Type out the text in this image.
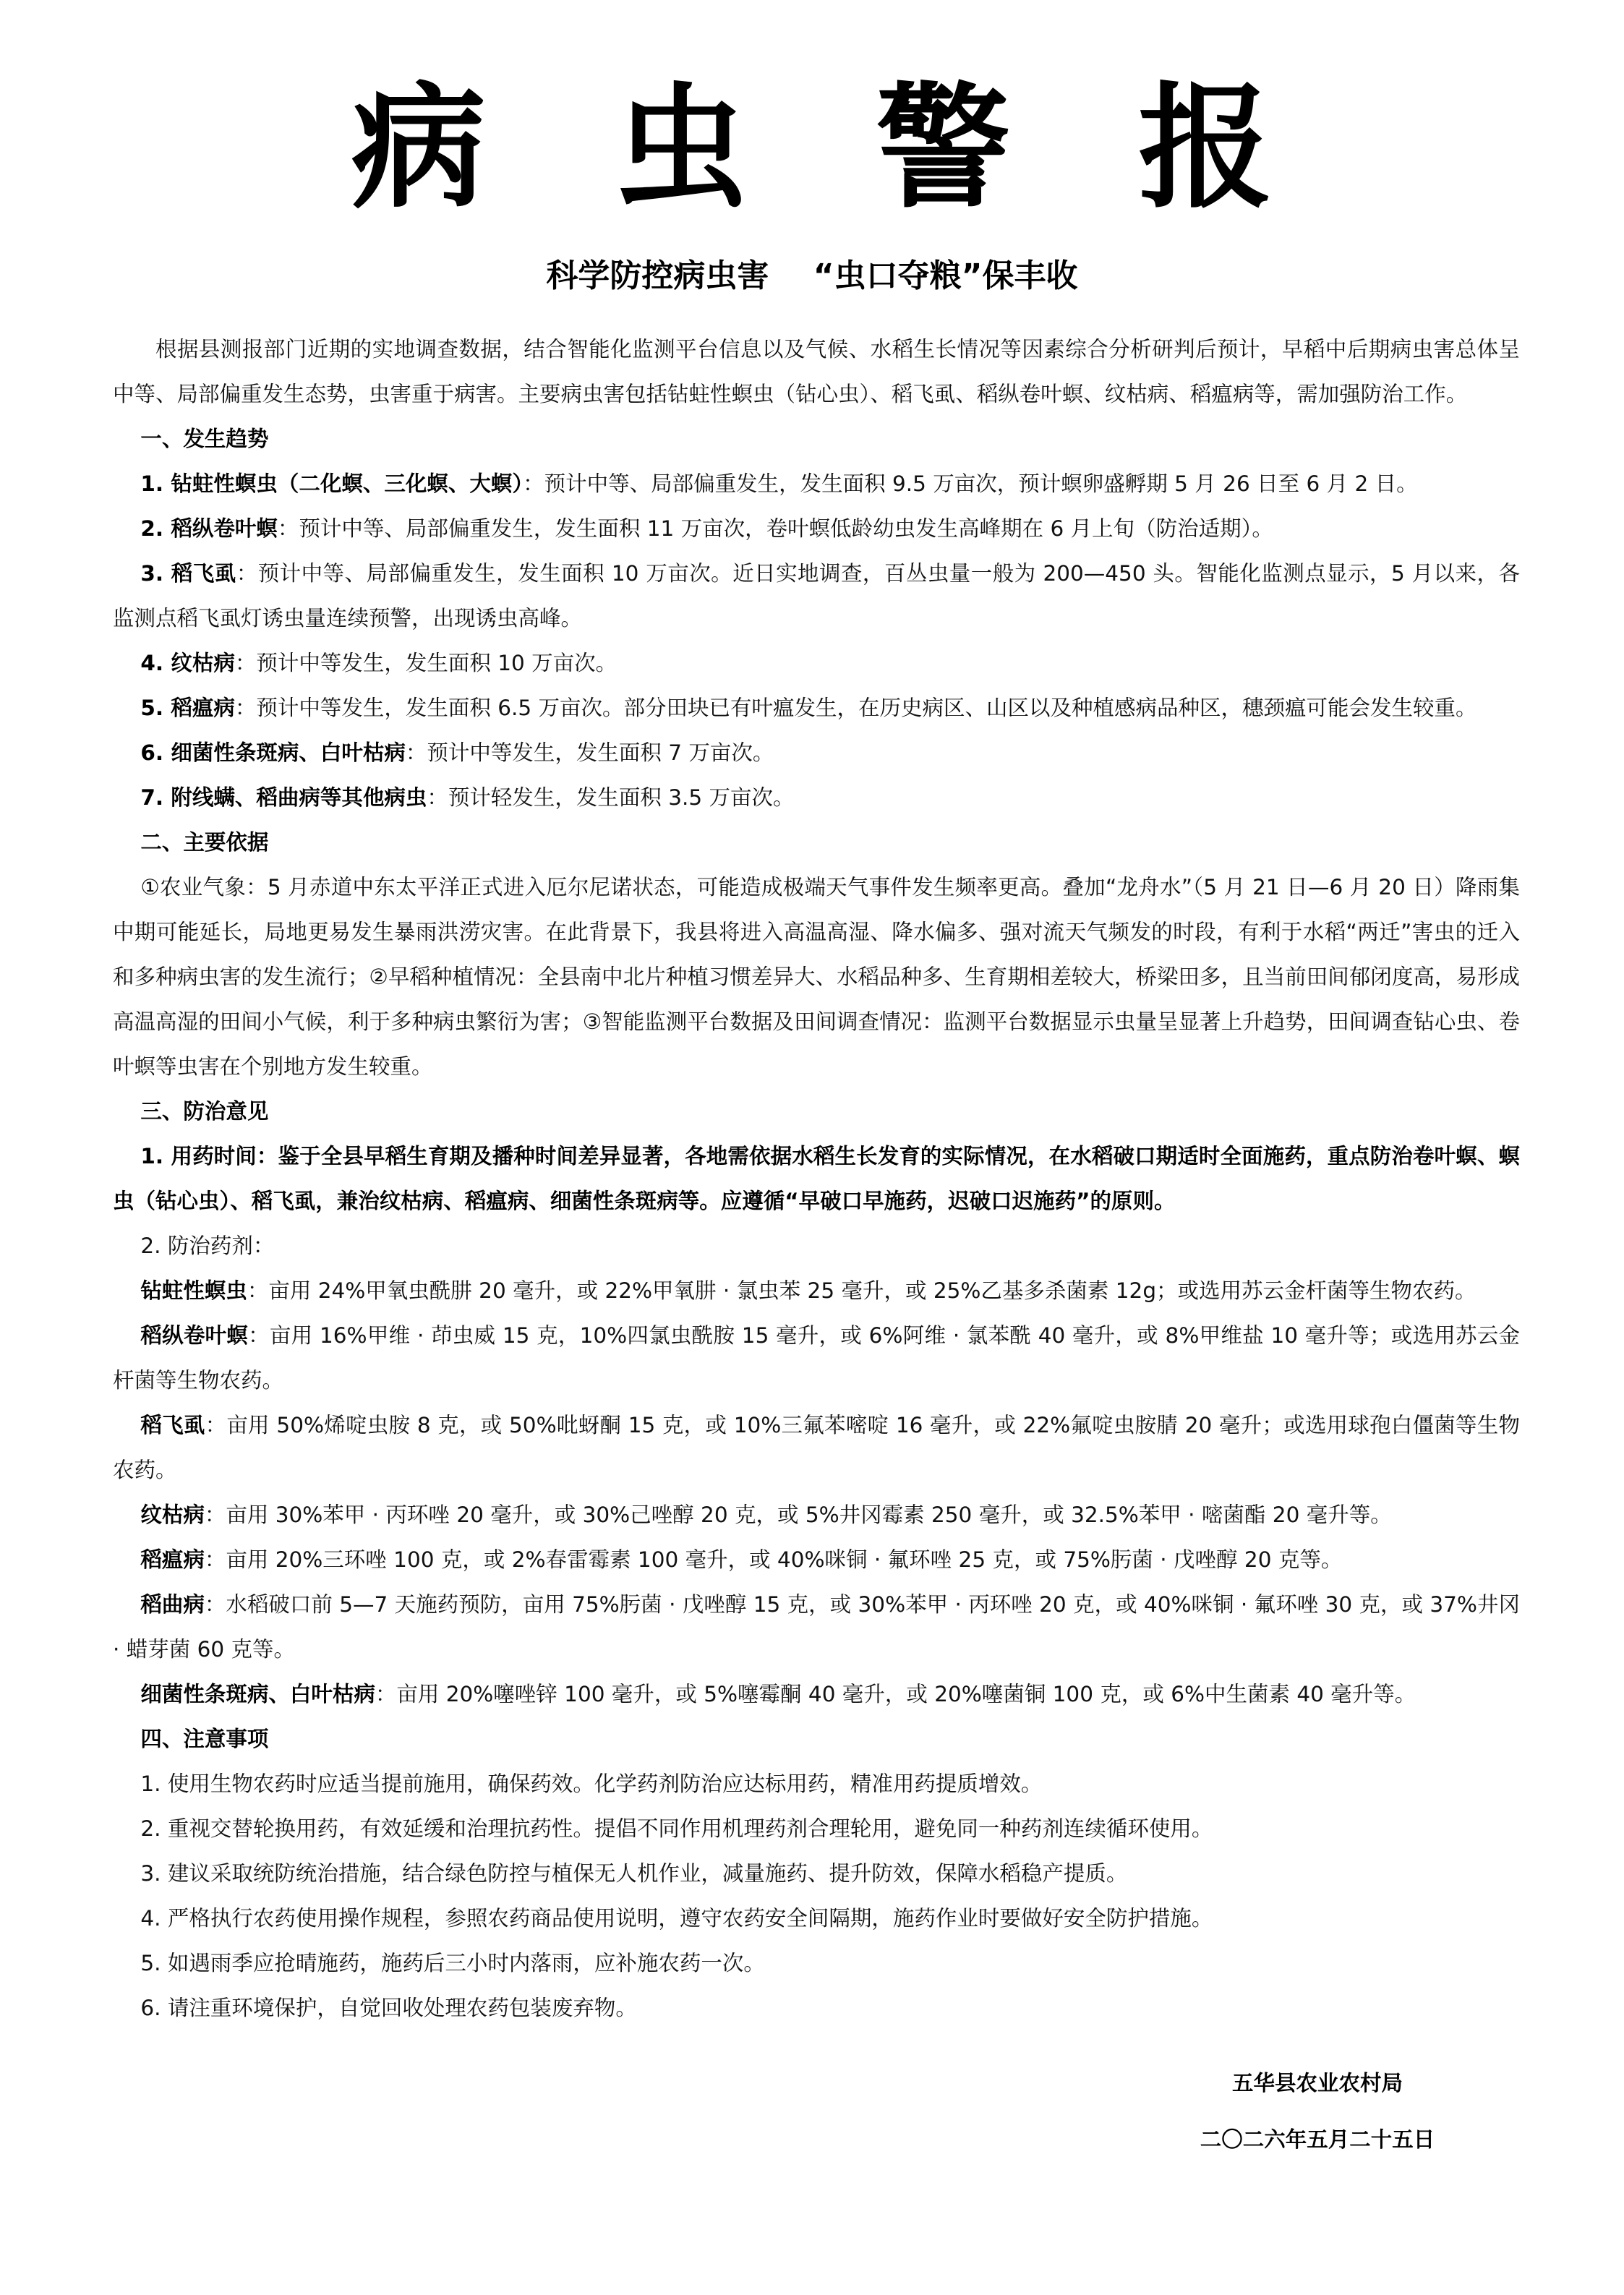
病 虫 警 报
科学防控病虫害    “虫口夺粮”保丰收

根据县测报部门近期的实地调查数据，结合智能化监测平台信息以及气候、水稻生长情况等因素综合分析研判后预计，早稻中后期病虫害总体呈中等、局部偏重发生态势，虫害重于病害。主要病虫害包括钻蛀性螟虫（钻心虫）、稻飞虱、稻纵卷叶螟、纹枯病、稻瘟病等，需加强防治工作。

一、发生趋势

1. 钻蛀性螟虫（二化螟、三化螟、大螟）：预计中等、局部偏重发生，发生面积 9.5 万亩次，预计螟卵盛孵期 5 月 26 日至 6 月 2 日。

2. 稻纵卷叶螟：预计中等、局部偏重发生，发生面积 11 万亩次，卷叶螟低龄幼虫发生高峰期在 6 月上旬（防治适期）。

3. 稻飞虱：预计中等、局部偏重发生，发生面积 10 万亩次。近日实地调查，百丛虫量一般为 200—450 头。智能化监测点显示，5 月以来，各监测点稻飞虱灯诱虫量连续预警，出现诱虫高峰。

4. 纹枯病：预计中等发生，发生面积 10 万亩次。

5. 稻瘟病：预计中等发生，发生面积 6.5 万亩次。部分田块已有叶瘟发生，在历史病区、山区以及种植感病品种区，穗颈瘟可能会发生较重。

6. 细菌性条斑病、白叶枯病：预计中等发生，发生面积 7 万亩次。

7. 附线螨、稻曲病等其他病虫：预计轻发生，发生面积 3.5 万亩次。

二、主要依据

①农业气象：5 月赤道中东太平洋正式进入厄尔尼诺状态，可能造成极端天气事件发生频率更高。叠加“龙舟水”（5 月 21 日—6 月 20 日）降雨集中期可能延长，局地更易发生暴雨洪涝灾害。在此背景下，我县将进入高温高湿、降水偏多、强对流天气频发的时段，有利于水稻“两迁”害虫的迁入和多种病虫害的发生流行；②早稻种植情况：全县南中北片种植习惯差异大、水稻品种多、生育期相差较大，桥梁田多，且当前田间郁闭度高，易形成高温高湿的田间小气候，利于多种病虫繁衍为害；③智能监测平台数据及田间调查情况：监测平台数据显示虫量呈显著上升趋势，田间调查钻心虫、卷叶螟等虫害在个别地方发生较重。

三、防治意见

1. 用药时间：鉴于全县早稻生育期及播种时间差异显著，各地需依据水稻生长发育的实际情况，在水稻破口期适时全面施药，重点防治卷叶螟、螟虫（钻心虫）、稻飞虱，兼治纹枯病、稻瘟病、细菌性条斑病等。应遵循“早破口早施药，迟破口迟施药”的原则。

2. 防治药剂：

钻蛀性螟虫：亩用 24%甲氧虫酰肼 20 毫升，或 22%甲氧肼 · 氯虫苯 25 毫升，或 25%乙基多杀菌素 12g；或选用苏云金杆菌等生物农药。

稻纵卷叶螟：亩用 16%甲维 · 茚虫威 15 克，10%四氯虫酰胺 15 毫升，或 6%阿维 · 氯苯酰 40 毫升，或 8%甲维盐 10 毫升等；或选用苏云金杆菌等生物农药。

稻飞虱：亩用 50%烯啶虫胺 8 克，或 50%吡蚜酮 15 克，或 10%三氟苯嘧啶 16 毫升，或 22%氟啶虫胺腈 20 毫升；或选用球孢白僵菌等生物农药。

纹枯病：亩用 30%苯甲 · 丙环唑 20 毫升，或 30%己唑醇 20 克，或 5%井冈霉素 250 毫升，或 32.5%苯甲 · 嘧菌酯 20 毫升等。

稻瘟病：亩用 20%三环唑 100 克，或 2%春雷霉素 100 毫升，或 40%咪铜 · 氟环唑 25 克，或 75%肟菌 · 戊唑醇 20 克等。

稻曲病：水稻破口前 5—7 天施药预防，亩用 75%肟菌 · 戊唑醇 15 克，或 30%苯甲 · 丙环唑 20 克，或 40%咪铜 · 氟环唑 30 克，或 37%井冈 · 蜡芽菌 60 克等。

细菌性条斑病、白叶枯病：亩用 20%噻唑锌 100 毫升，或 5%噻霉酮 40 毫升，或 20%噻菌铜 100 克，或 6%中生菌素 40 毫升等。

四、注意事项

1. 使用生物农药时应适当提前施用，确保药效。化学药剂防治应达标用药，精准用药提质增效。

2. 重视交替轮换用药，有效延缓和治理抗药性。提倡不同作用机理药剂合理轮用，避免同一种药剂连续循环使用。

3. 建议采取统防统治措施，结合绿色防控与植保无人机作业，减量施药、提升防效，保障水稻稳产提质。

4. 严格执行农药使用操作规程，参照农药商品使用说明，遵守农药安全间隔期，施药作业时要做好安全防护措施。

5. 如遇雨季应抢晴施药，施药后三小时内落雨，应补施农药一次。

6. 请注重环境保护，自觉回收处理农药包装废弃物。

五华县农业农村局
二〇二六年五月二十五日
